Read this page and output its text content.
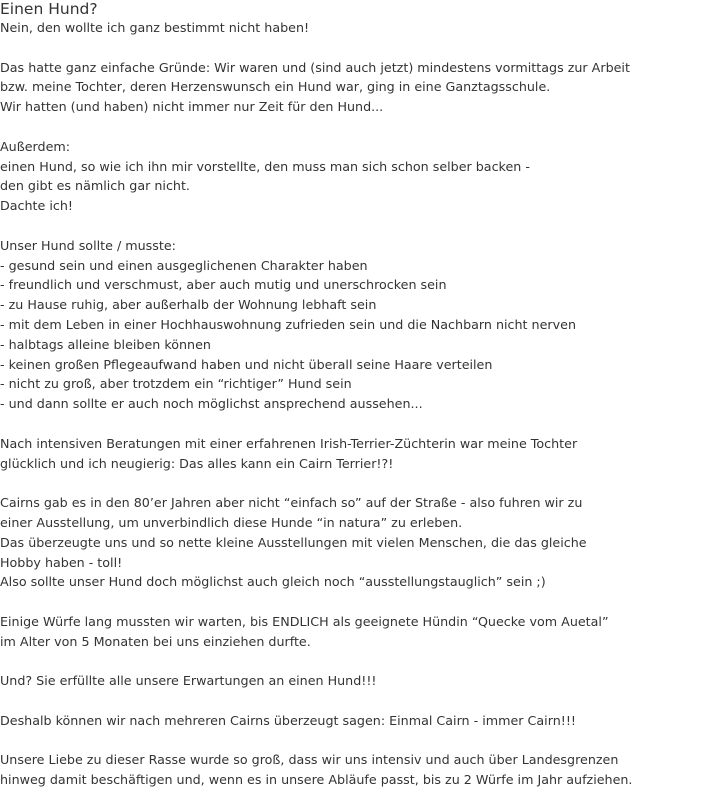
Einen Hund?
Nein, den wollte ich ganz bestimmt nicht haben!
Das hatte ganz einfache Gründe: Wir waren und (sind auch jetzt) mindestens vormittags zur Arbeit
bzw. meine Tochter, deren Herzenswunsch ein Hund war, ging in eine Ganztagsschule.
Wir hatten (und haben) nicht immer nur Zeit für den Hund...
Außerdem:
einen Hund, so wie ich ihn mir vorstellte, den muss man sich schon selber backen -
den gibt es nämlich gar nicht.
Dachte ich!
Unser Hund sollte / musste:
- gesund sein und einen ausgeglichenen Charakter haben
- freundlich und verschmust, aber auch mutig und unerschrocken sein
- zu Hause ruhig, aber außerhalb der Wohnung lebhaft sein
- mit dem Leben in einer Hochhauswohnung zufrieden sein und die Nachbarn nicht nerven
- halbtags alleine bleiben können
- keinen großen Pflegeaufwand haben und nicht überall seine Haare verteilen
- nicht zu groß, aber trotzdem ein “richtiger” Hund sein
- und dann sollte er auch noch möglichst ansprechend aussehen...
Nach intensiven Beratungen mit einer erfahrenen Irish-Terrier-Züchterin war meine Tochter
glücklich und ich neugierig: Das alles kann ein Cairn Terrier!?!
Cairns gab es in den 80’er Jahren aber nicht “einfach so” auf der Straße - also fuhren wir zu
einer Ausstellung, um unverbindlich diese Hunde “in natura” zu erleben.
Das überzeugte uns und so nette kleine Ausstellungen mit vielen Menschen, die das gleiche
Hobby haben - toll!
Also sollte unser Hund doch möglichst auch gleich noch “ausstellungstauglich” sein ;)
Einige Würfe lang mussten wir warten, bis ENDLICH als geeignete Hündin “Quecke vom Auetal”
im Alter von 5 Monaten bei uns einziehen durfte.
Und? Sie erfüllte alle unsere Erwartungen an einen Hund!!!
Deshalb können wir nach mehreren Cairns überzeugt sagen: Einmal Cairn - immer Cairn!!!
Unsere Liebe zu dieser Rasse wurde so groß, dass wir uns intensiv und auch über Landesgrenzen
hinweg damit beschäftigen und, wenn es in unsere Abläufe passt, bis zu 2 Würfe im Jahr aufziehen.
